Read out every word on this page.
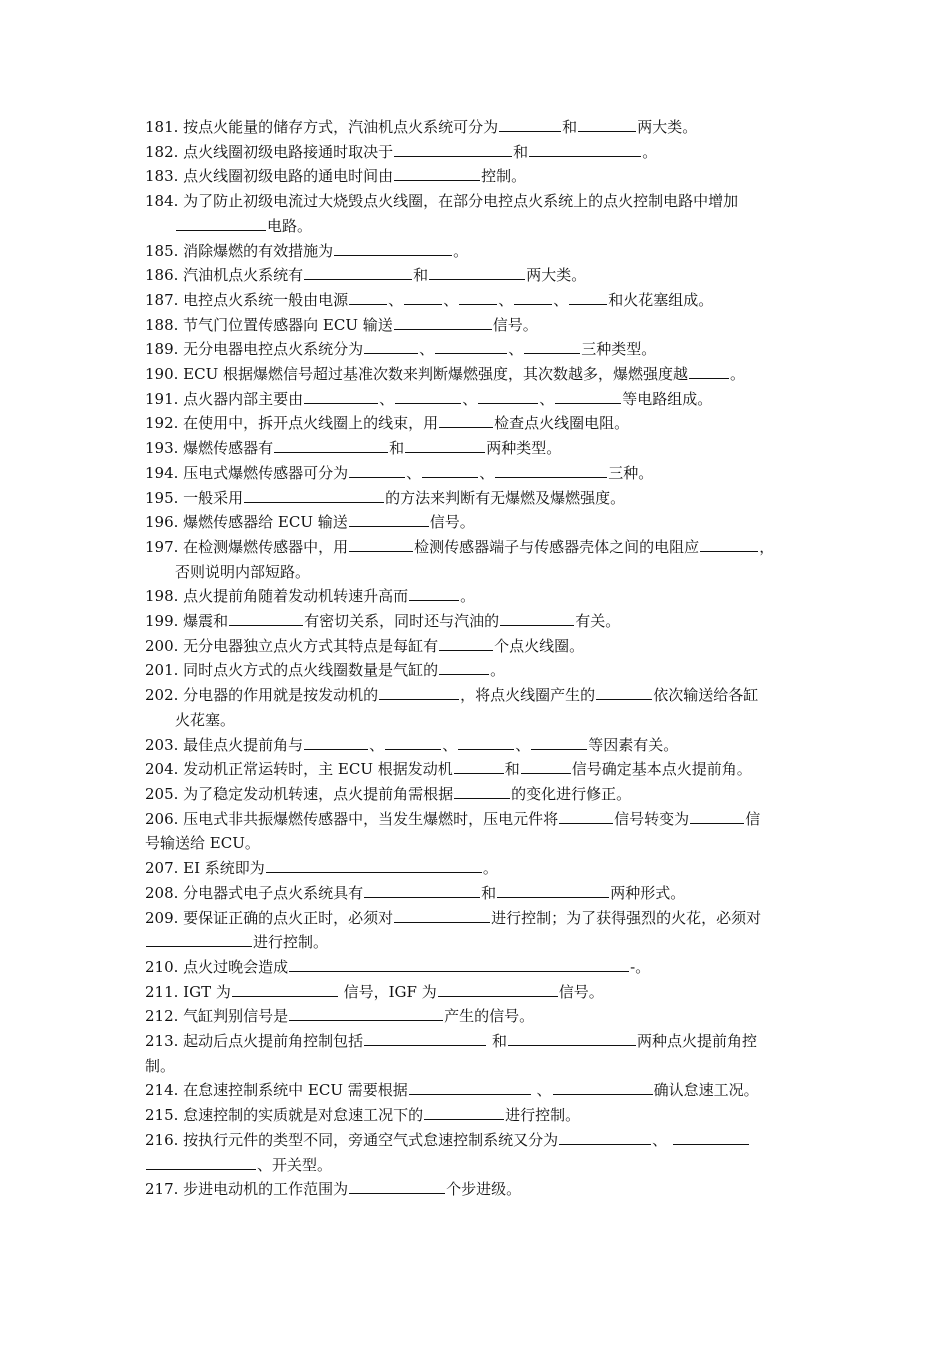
181. 按点火能量的储存方式，汽油机点火系统可分为	和	两大类。
182. 点火线圈初级电路接通时取决于	和	。
183. 点火线圈初级电路的通电时间由	控制。
184. 为了防止初级电流过大烧毁点火线圈，在部分电控点火系统上的点火控制电路中增加
电路。
185. 消除爆燃的有效措施为	。
186. 汽油机点火系统有	和	两大类。
187. 电控点火系统一般由电源	、	、	、	、	和火花塞组成。
188. 节气门位置传感器向 ECU 输送	信号。
189. 无分电器电控点火系统分为	、	、	三种类型。
190. ECU 根据爆燃信号超过基准次数来判断爆燃强度，其次数越多，爆燃强度越	。
191. 点火器内部主要由	、	、	、	等电路组成。
192. 在使用中，拆开点火线圈上的线束，用	检查点火线圈电阻。
193. 爆燃传感器有	和	两种类型。
194. 压电式爆燃传感器可分为	、	、	三种。
195. 一般采用	的方法来判断有无爆燃及爆燃强度。
196. 爆燃传感器给 ECU 输送	信号。
197. 在检测爆燃传感器中，用	检测传感器端子与传感器壳体之间的电阻应	，
否则说明内部短路。
198. 点火提前角随着发动机转速升高而	。
199. 爆震和	有密切关系，同时还与汽油的	有关。
200. 无分电器独立点火方式其特点是每缸有	个点火线圈。
201. 同时点火方式的点火线圈数量是气缸的	。
202. 分电器的作用就是按发动机的	，将点火线圈产生的	依次输送给各缸
火花塞。
203. 最佳点火提前角与	、	、	、	等因素有关。
204. 发动机正常运转时，主 ECU 根据发动机	和	信号确定基本点火提前角。
205. 为了稳定发动机转速，点火提前角需根据	的变化进行修正。
206. 压电式非共振爆燃传感器中，当发生爆燃时，压电元件将	信号转变为	信
号输送给 ECU。
207. EI 系统即为	。
208. 分电器式电子点火系统具有	和	两种形式。
209. 要保证正确的点火正时，必须对	进行控制；为了获得强烈的火花，必须对
进行控制。
210. 点火过晚会造成	-。
211. IGT 为	信号，IGF 为	信号。
212. 气缸判别信号是	产生的信号。
213. 起动后点火提前角控制包括	和	两种点火提前角控
制。
214. 在怠速控制系统中 ECU 需要根据	、	确认怠速工况。
215. 怠速控制的实质就是对怠速工况下的	进行控制。
216. 按执行元件的类型不同，旁通空气式怠速控制系统又分为	、
、开关型。
217. 步进电动机的工作范围为	个步进级。
